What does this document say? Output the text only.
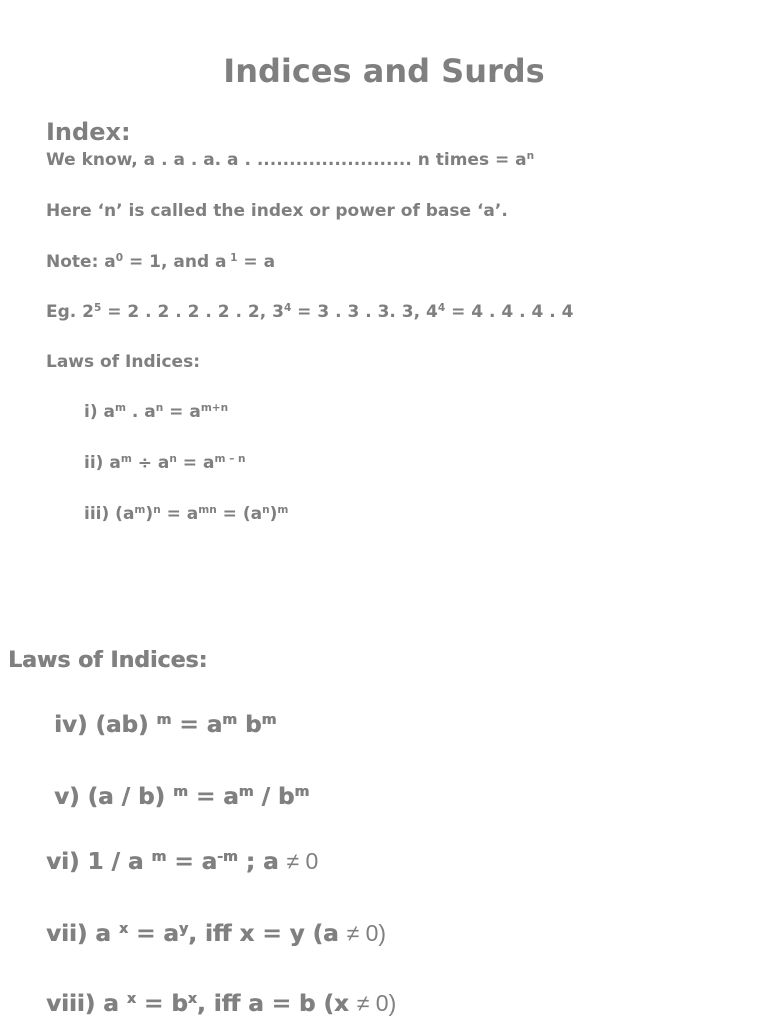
Indices and Surds
Index:
We know, a . a . a. a . ........................ n times = $a^n$
Here ‘n’ is called the index or power of base ‘a’.
Note: $a^0 = 1$, and a $^1$ = a
Eg. $2^5 = 2$ . 2 . 2 . 2 . 2, $3^4 = 3$ . 3 . 3. 3, $4^4 = 4$ . 4 . 4 . 4
Laws of Indices:
i) $a^m$ . $a^n = a^{m+n}$
ii) $a^m \div a^n = a^{m - n}$
iii) $(a^m)^n = a^{mn} = (a^n)^m$
Laws of Indices:
iv) (ab) $^m = a^m$ $b^m$
v) (a / b) $^m = a^m / b^m$
vi) 1 / a $^m = a^{-m}$ ; a ≠ 0
vii) a $^x = a^y$, iff x = y (a ≠ 0)
viii) a $^x = b^x$, iff a = b (x ≠ 0)
